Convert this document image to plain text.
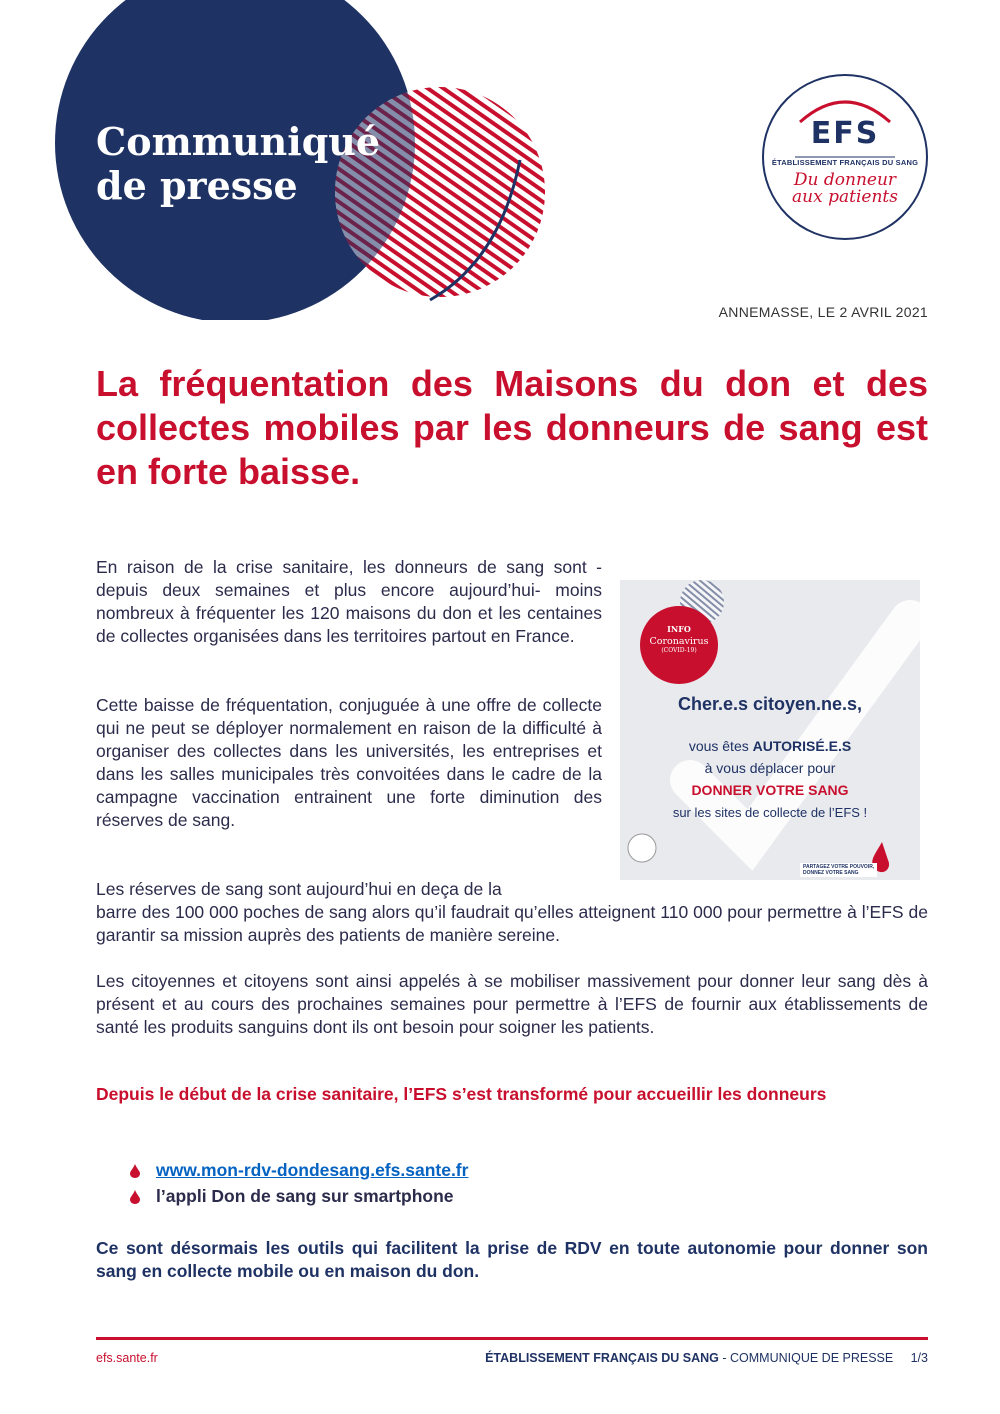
Communiqué
de presse
EFS
ÉTABLISSEMENT FRANÇAIS DU SANG
Du donneur
aux patients
ANNEMASSE, LE 2 AVRIL 2021
La fréquentation des Maisons du don et des collectes mobiles par les donneurs de sang est en forte baisse.

En raison de la crise sanitaire, les donneurs de sang sont - depuis deux semaines et plus encore aujourd’hui- moins nombreux à fréquenter les 120 maisons du don et les centaines de collectes organisées dans les territoires partout en France.

Cette baisse de fréquentation, conjuguée à une offre de collecte qui ne peut se déployer normalement en raison de la difficulté à organiser des collectes dans les universités, les entreprises et dans les salles municipales très convoitées dans le cadre de la campagne vaccination entrainent une forte diminution des réserves de sang.

Les réserves de sang sont aujourd’hui en deça de la

barre des 100 000 poches de sang alors qu’il faudrait qu’elles atteignent 110 000 pour permettre à l’EFS de garantir sa mission auprès des patients de manière sereine.

Les citoyennes et citoyens sont ainsi appelés à se mobiliser massivement pour donner leur sang dès à présent et au cours des prochaines semaines pour permettre à l’EFS de fournir aux établissements de santé les produits sanguins dont ils ont besoin pour soigner les patients.

INFO
Coronavirus
(COVID-19)

Cher.e.s citoyen.ne.s,

vous êtes AUTORISÉ.E.S

à vous déplacer pour

DONNER VOTRE SANG

sur les sites de collecte de l’EFS !

PARTAGEZ VOTRE POUVOIR,
DONNEZ VOTRE SANG

Depuis le début de la crise sanitaire, l’EFS s’est transformé pour accueillir les donneurs

www.mon-rdv-dondesang.efs.sante.fr
l’appli Don de sang sur smartphone

Ce sont désormais les outils qui facilitent la prise de RDV en toute autonomie pour donner son sang en collecte mobile ou en maison du don.

efs.sante.fr	ÉTABLISSEMENT FRANÇAIS DU SANG - COMMUNIQUE DE PRESSE 1/3
